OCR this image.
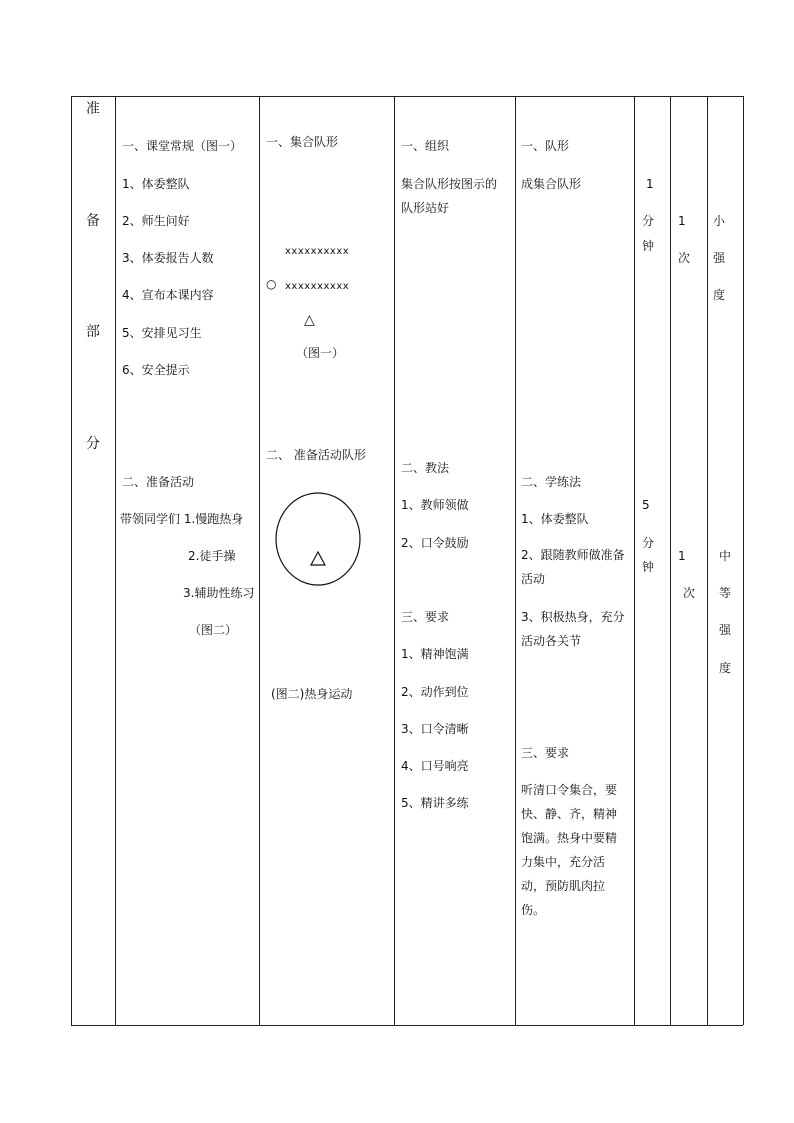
准
备
部
分
一、课堂常规（图一）
1、体委整队
2、师生问好
3、体委报告人数
4、宣布本课内容
5、安排见习生
6、安全提示
二、准备活动
带领同学们 1.慢跑热身
2.徒手操
3.辅助性练习
（图二）
一、集合队形
xxxxxxxxxx
○ xxxxxxxxxx
△
（图一）
二、 准备活动队形
(图二)热身运动
一、组织
集合队形按图示的队形站好
二、教法
1、教师领做
2、口令鼓励
三、要求
1、精神饱满
2、动作到位
3、口令清晰
4、口号响亮
5、精讲多练
一、队形
成集合队形
二、学练法
1、体委整队
2、跟随教师做准备活动
3、积极热身，充分活动各关节
三、要求
听清口令集合，要快、静、齐，精神饱满。热身中要精力集中，充分活动，预防肌肉拉伤。
1
分
钟
5
分
钟
1
次
1
次
小
强
度
中
等
强
度
